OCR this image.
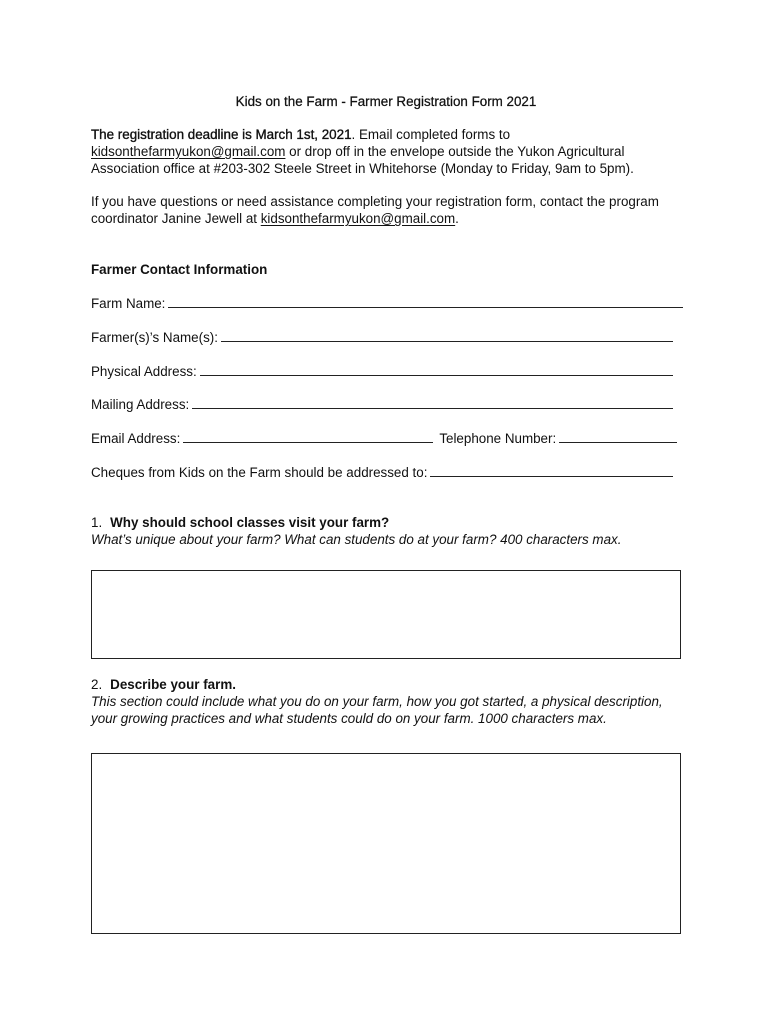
Kids on the Farm - Farmer Registration Form 2021

The registration deadline is March 1st, 2021. Email completed forms to kidsonthefarmyukon@gmail.com or drop off in the envelope outside the Yukon Agricultural Association office at #203-302 Steele Street in Whitehorse (Monday to Friday, 9am to 5pm).

If you have questions or need assistance completing your registration form, contact the program coordinator Janine Jewell at kidsonthefarmyukon@gmail.com.

Farmer Contact Information
Farm Name:
Farmer(s)’s Name(s):
Physical Address:
Mailing Address:
Email Address:	Telephone Number:
Cheques from Kids on the Farm should be addressed to:
1. Why should school classes visit your farm?

What’s unique about your farm? What can students do at your farm? 400 characters max.

2. Describe your farm.

This section could include what you do on your farm, how you got started, a physical description, your growing practices and what students could do on your farm. 1000 characters max.
